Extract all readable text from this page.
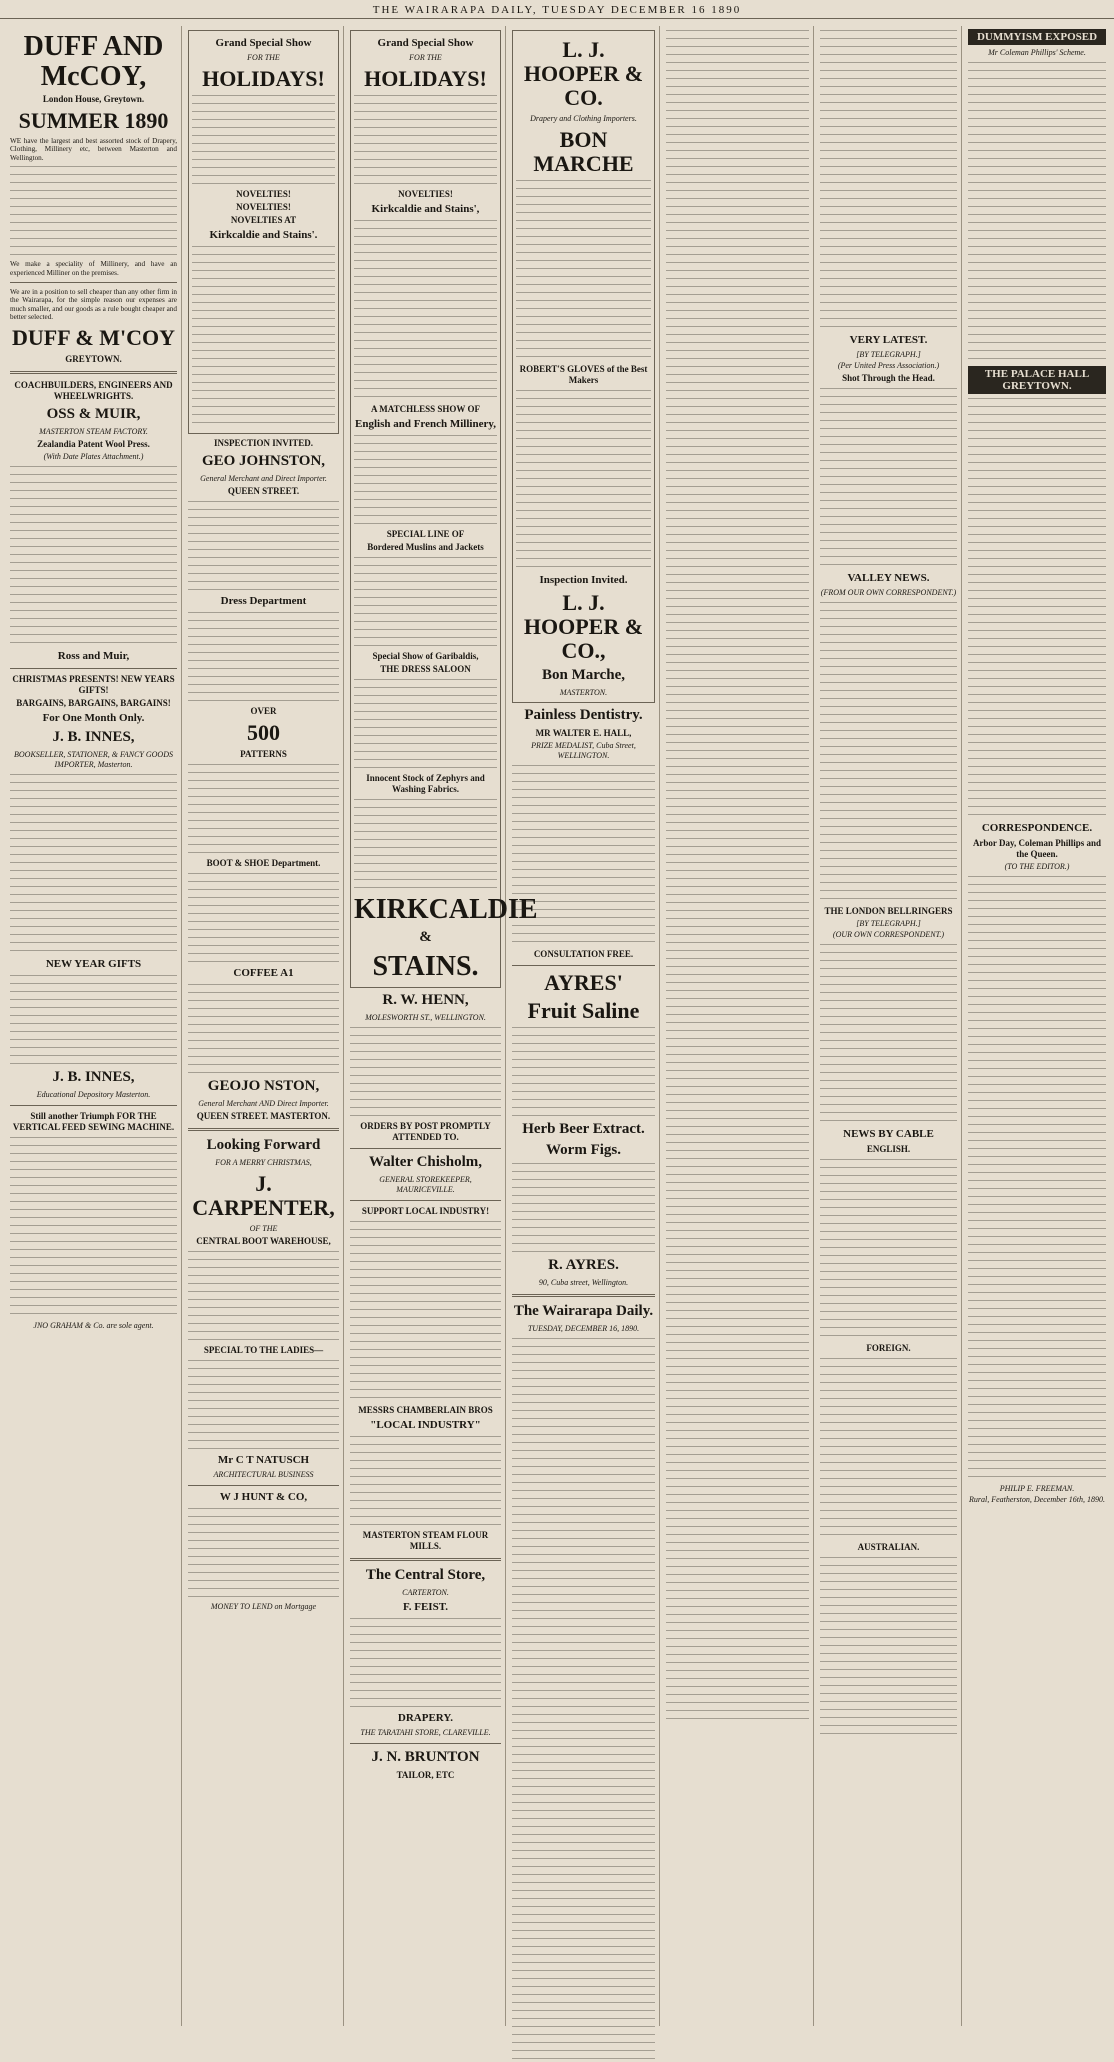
THE WAIRARAPA DAILY, TUESDAY DECEMBER 16 1890
DUFF AND McCOY,
London House, Greytown.
SUMMER 1890

WE have the largest and best assorted stock of Drapery, Clothing, Millinery etc, between Masterton and Wellington.

We make a speciality of Millinery, and have an experienced Milliner on the premises.

We are in a position to sell cheaper than any other firm in the Wairarapa, for the simple reason our expenses are much smaller, and our goods as a rule bought cheaper and better selected.

DUFF & M'COY
GREYTOWN.
COACHBUILDERS, ENGINEERS AND WHEELWRIGHTS.
OSS & MUIR,
MASTERTON STEAM FACTORY.
Zealandia Patent Wool Press.
(With Date Plates Attachment.)
Ross and Muir,
CHRISTMAS PRESENTS! NEW YEARS GIFTS!
BARGAINS, BARGAINS, BARGAINS!
For One Month Only.
J. B. INNES,
BOOKSELLER, STATIONER, & FANCY GOODS IMPORTER, Masterton.
NEW YEAR GIFTS
J. B. INNES,
Educational Depository Masterton.
Still another Triumph FOR THE VERTICAL FEED SEWING MACHINE.
JNO GRAHAM & Co. are sole agent.
Grand Special Show
FOR THE
HOLIDAYS!
NOVELTIES!
NOVELTIES!
NOVELTIES AT
Kirkcaldie and Stains'.
INSPECTION INVITED.
GEO JOHNSTON,
General Merchant and Direct Importer.
QUEEN STREET.
Dress Department
OVER
500
PATTERNS
BOOT & SHOE Department.
COFFEE A1
GEOJO NSTON,
General Merchant AND Direct Importer.
QUEEN STREET. MASTERTON.
Looking Forward
FOR A MERRY CHRISTMAS,
J. CARPENTER,
OF THE
CENTRAL BOOT WAREHOUSE,
SPECIAL TO THE LADIES—
Mr C T NATUSCH
ARCHITECTURAL BUSINESS
W J HUNT & CO,
MONEY TO LEND on Mortgage
Grand Special Show
FOR THE
HOLIDAYS!
NOVELTIES!
Kirkcaldie and Stains',
A MATCHLESS SHOW OF
English and French Millinery,
SPECIAL LINE OF
Bordered Muslins and Jackets
Special Show of Garibaldis,
THE DRESS SALOON
Innocent Stock of Zephyrs and Washing Fabrics.
KIRKCALDIE
&
STAINS.
R. W. HENN,
MOLESWORTH ST., WELLINGTON.
ORDERS BY POST PROMPTLY ATTENDED TO.
Walter Chisholm,
GENERAL STOREKEEPER, MAURICEVILLE.
SUPPORT LOCAL INDUSTRY!
MESSRS CHAMBERLAIN BROS
"LOCAL INDUSTRY"
MASTERTON STEAM FLOUR MILLS.
The Central Store,
CARTERTON.
F. FEIST.
DRAPERY.
THE TARATAHI STORE, CLAREVILLE.
J. N. BRUNTON
TAILOR, ETC
L. J. HOOPER & CO.
Drapery and Clothing Importers.
BON MARCHE
ROBERT'S GLOVES of the Best Makers
Inspection Invited.
L. J. HOOPER & CO.,
Bon Marche,
MASTERTON.
Painless Dentistry.
MR WALTER E. HALL,
PRIZE MEDALIST, Cuba Street, WELLINGTON.
CONSULTATION FREE.
AYRES'
Fruit Saline
Herb Beer Extract.
Worm Figs.
R. AYRES.
90, Cuba street, Wellington.
The Wairarapa Daily.
TUESDAY, DECEMBER 16, 1890.
VERY LATEST.
[BY TELEGRAPH.]
(Per United Press Association.)
Shot Through the Head.
VALLEY NEWS.
(FROM OUR OWN CORRESPONDENT.)
THE LONDON BELLRINGERS
[BY TELEGRAPH.]
(OUR OWN CORRESPONDENT.)
NEWS BY CABLE
ENGLISH.
FOREIGN.
AUSTRALIAN.
DUMMYISM EXPOSED
Mr Coleman Phillips' Scheme.
THE PALACE HALL GREYTOWN.
CORRESPONDENCE.
Arbor Day, Coleman Phillips and the Queen.
(TO THE EDITOR.)
PHILIP E. FREEMAN.
Rural, Featherston, December 16th, 1890.
